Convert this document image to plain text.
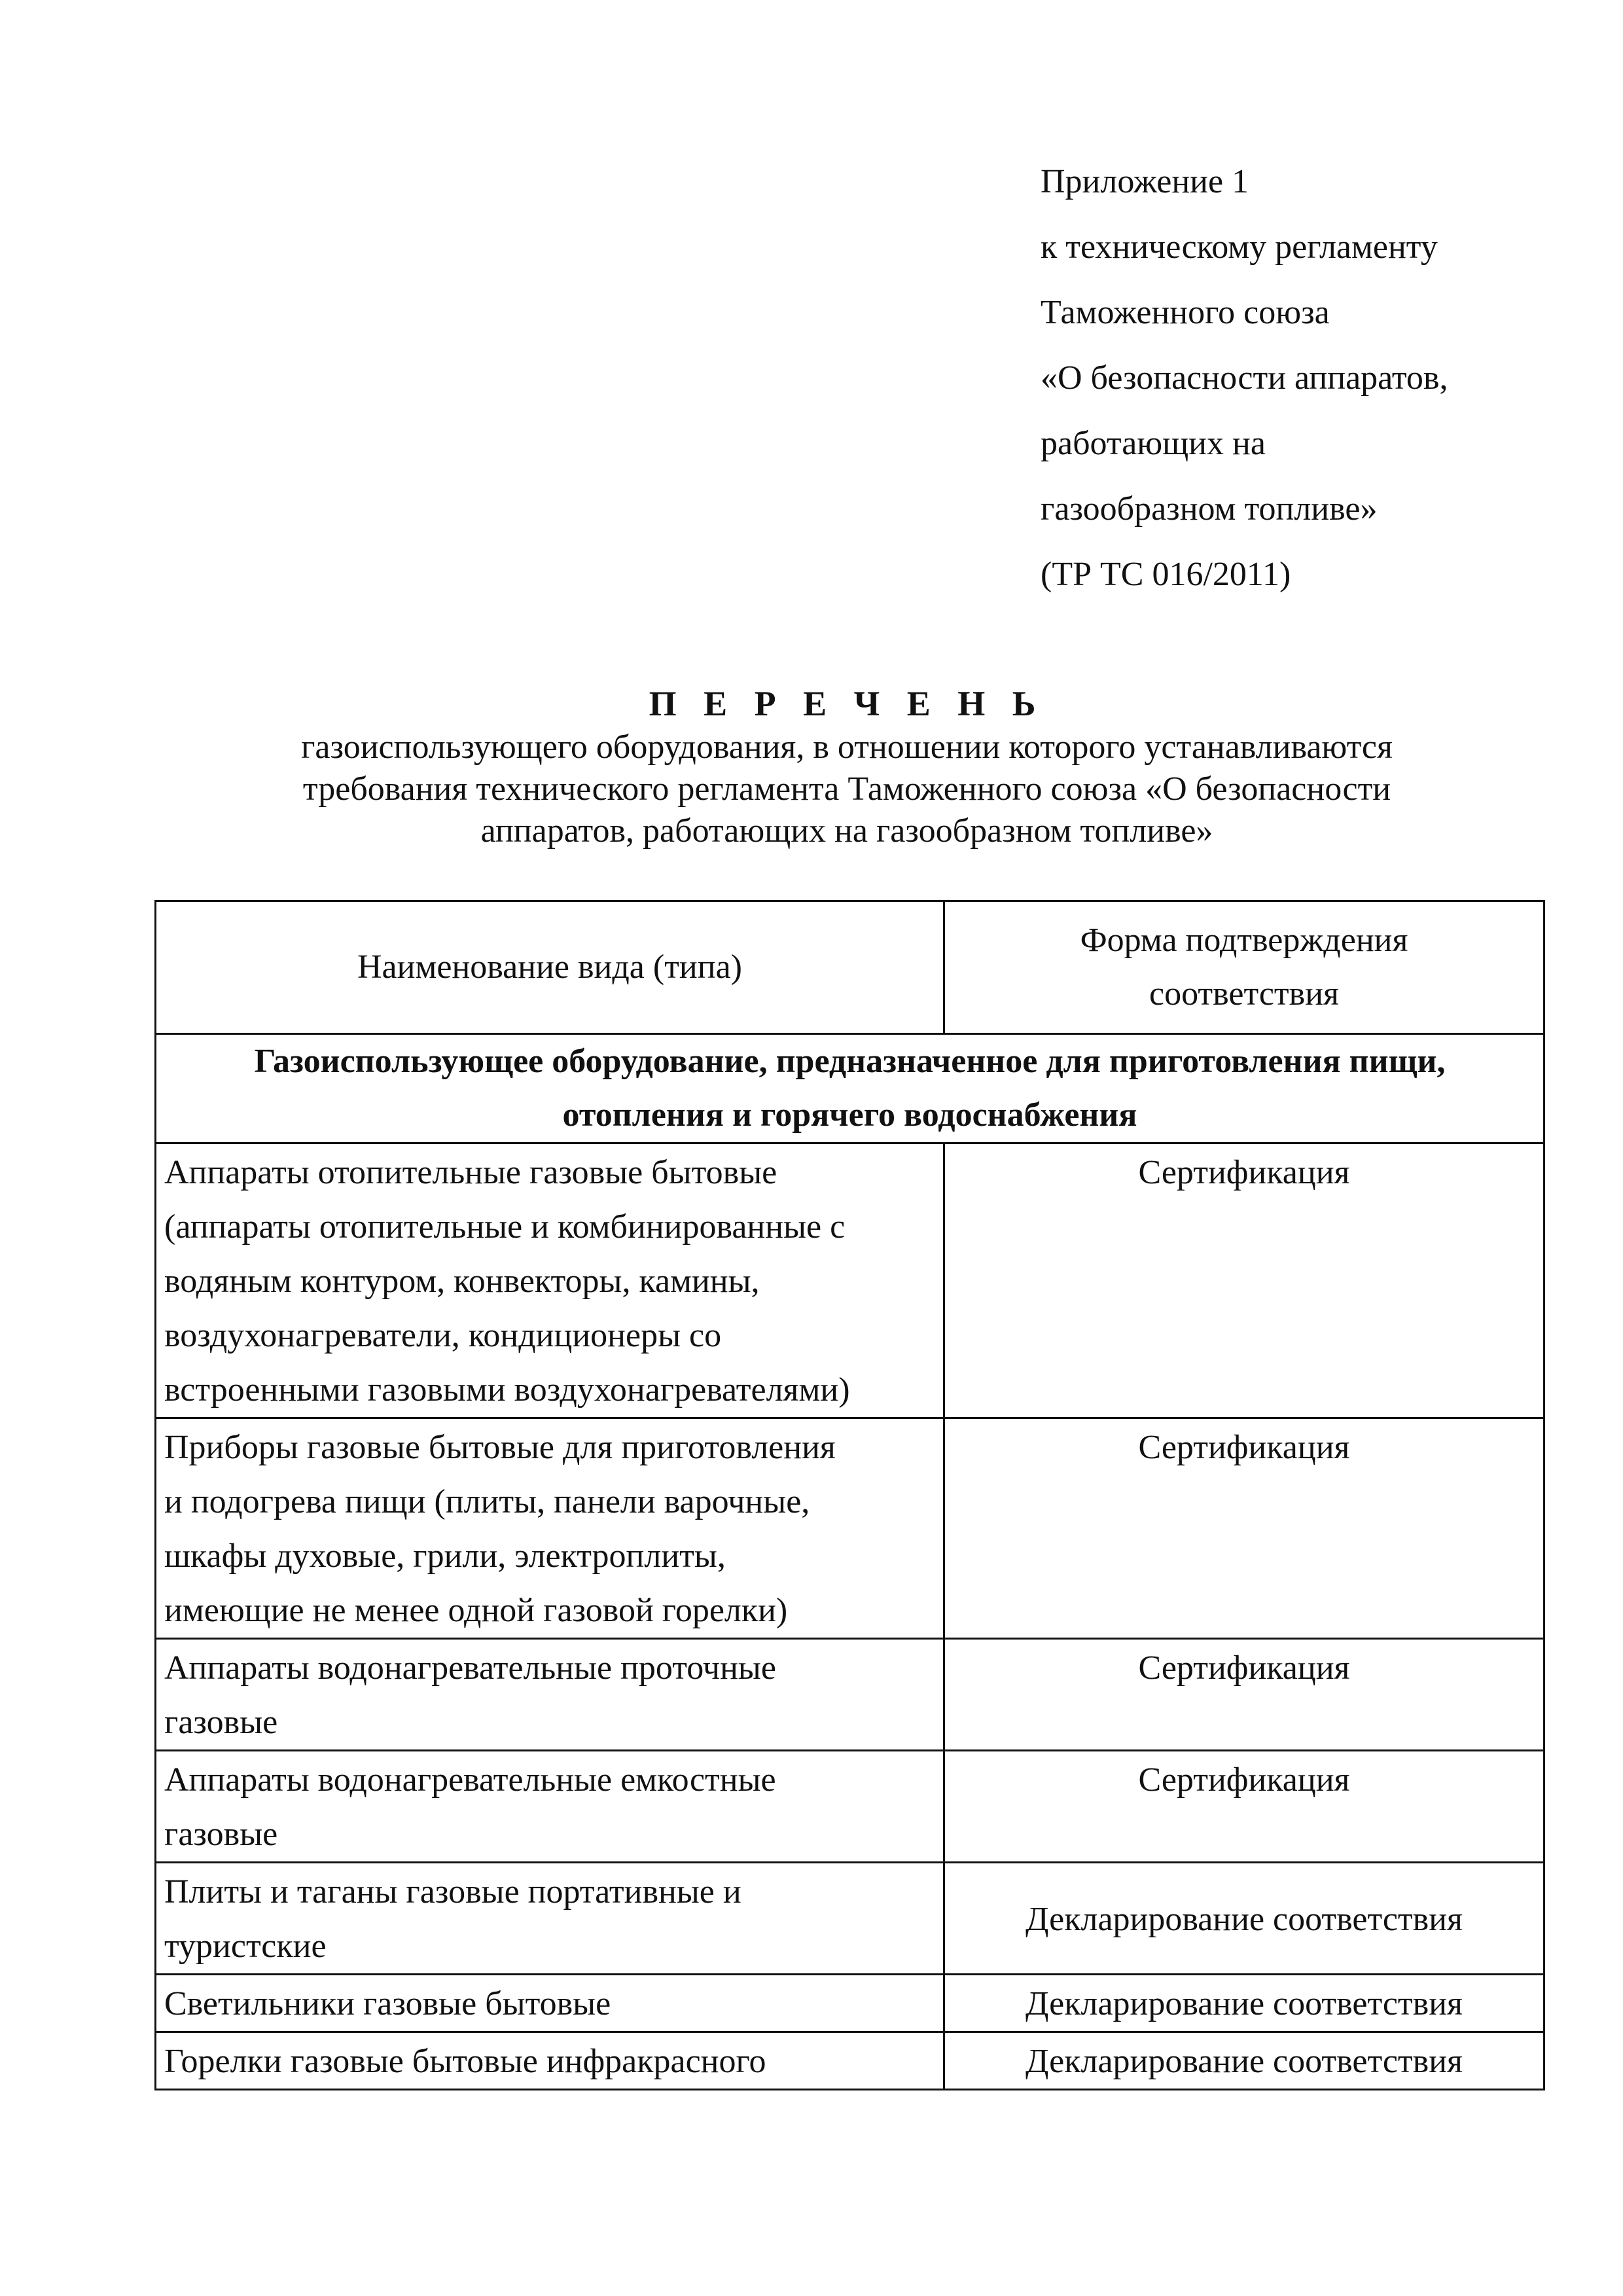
Приложение 1
к техническому регламенту
Таможенного союза
«О безопасности аппаратов,
работающих на
газообразном топливе»
(ТР ТС 016/2011)

П Е Р Е Ч Е Н Ь

газоиспользующего оборудования, в отношении которого устанавливаются
требования технического регламента Таможенного союза «О безопасности
аппаратов, работающих на газообразном топливе»

Наименование вида (типа)	Форма подтверждения
соответствия

Газоиспользующее оборудование, предназначенное для приготовления пищи,
отопления и горячего водоснабжения	

Аппараты отопительные газовые бытовые
(аппараты отопительные и комбинированные с
водяным контуром, конвекторы, камины,
воздухонагреватели, кондиционеры со
встроенными газовыми воздухонагревателями)	Сертификация

Приборы газовые бытовые для приготовления
и подогрева пищи (плиты, панели варочные,
шкафы духовые, грили, электроплиты,
имеющие не менее одной газовой горелки)	Сертификация

Аппараты водонагревательные проточные
газовые	Сертификация

Аппараты водонагревательные емкостные
газовые	Сертификация

Плиты и таганы газовые портативные и
туристские	Декларирование соответствия

Светильники газовые бытовые	Декларирование соответствия

Горелки газовые бытовые инфракрасного	Декларирование соответствия
